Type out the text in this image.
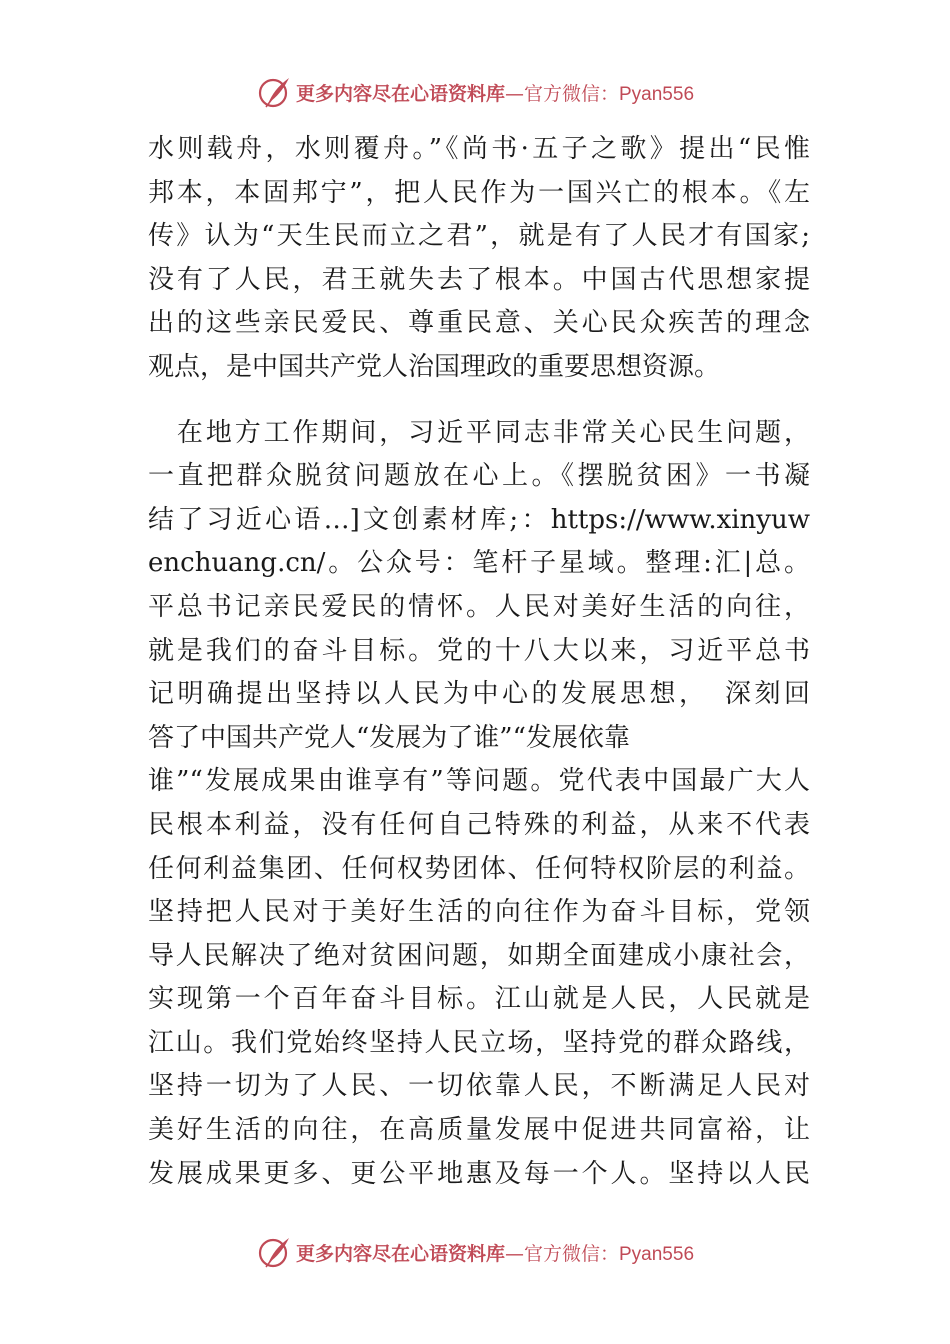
更多内容尽在心语资料库—官方微信：Pyan556
水则载舟，水则覆舟。”《尚书·五子之歌》提出“民惟
邦本，本固邦宁”，把人民作为一国兴亡的根本。《左
传》认为“天生民而立之君”，就是有了人民才有国家;
没有了人民，君王就失去了根本。中国古代思想家提
出的这些亲民爱民、尊重民意、关心民众疾苦的理念
观点，是中国共产党人治国理政的重要思想资源。
　在地方工作期间，习近平同志非常关心民生问题，
一直把群众脱贫问题放在心上。《摆脱贫困》一书凝
结了习近心语…]文创素材库;：https://www.xinyuw
enchuang.cn/。公众号：笔杆子星域。整理:汇|总。
平总书记亲民爱民的情怀。人民对美好生活的向往，
就是我们的奋斗目标。党的十八大以来，习近平总书
记明确提出坚持以人民为中心的发展思想，　深刻回
答了中国共产党人“发展为了谁”“发展依靠
谁”“发展成果由谁享有”等问题。党代表中国最广大人
民根本利益，没有任何自己特殊的利益，从来不代表
任何利益集团、任何权势团体、任何特权阶层的利益。
坚持把人民对于美好生活的向往作为奋斗目标，党领
导人民解决了绝对贫困问题，如期全面建成小康社会，
实现第一个百年奋斗目标。江山就是人民，人民就是
江山。我们党始终坚持人民立场，坚持党的群众路线，
坚持一切为了人民、一切依靠人民，不断满足人民对
美好生活的向往，在高质量发展中促进共同富裕，让
发展成果更多、更公平地惠及每一个人。坚持以人民
更多内容尽在心语资料库—官方微信：Pyan556
